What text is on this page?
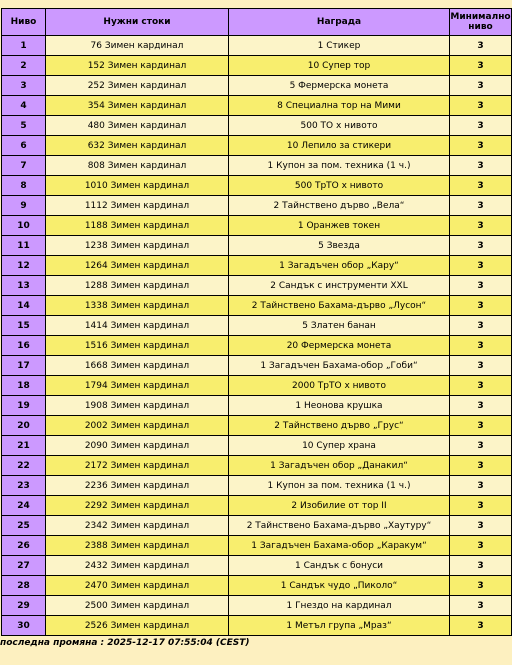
Ниво	Нужни стоки	Награда	Минимално
ниво
1	76 Зимен кардинал	1 Стикер	3
2	152 Зимен кардинал	10 Супер тор	3
3	252 Зимен кардинал	5 Фермерска монета	3
4	354 Зимен кардинал	8 Специална тор на Мими	3
5	480 Зимен кардинал	500 ТО х нивото	3
6	632 Зимен кардинал	10 Лепило за стикери	3
7	808 Зимен кардинал	1 Купон за пом. техника (1 ч.)	3
8	1010 Зимен кардинал	500 ТрТО х нивото	3
9	1112 Зимен кардинал	2 Тайнствено дърво „Вела“	3
10	1188 Зимен кардинал	1 Оранжев токен	3
11	1238 Зимен кардинал	5 Звезда	3
12	1264 Зимен кардинал	1 Загадъчен обор „Кару“	3
13	1288 Зимен кардинал	2 Сандък с инструменти XXL	3
14	1338 Зимен кардинал	2 Тайнствено Бахама-дърво „Лусон“	3
15	1414 Зимен кардинал	5 Златен банан	3
16	1516 Зимен кардинал	20 Фермерска монета	3
17	1668 Зимен кардинал	1 Загадъчен Бахама-обор „Гоби“	3
18	1794 Зимен кардинал	2000 ТрТО х нивото	3
19	1908 Зимен кардинал	1 Неонова крушка	3
20	2002 Зимен кардинал	2 Тайнствено дърво „Грус“	3
21	2090 Зимен кардинал	10 Супер храна	3
22	2172 Зимен кардинал	1 Загадъчен обор „Данакил“	3
23	2236 Зимен кардинал	1 Купон за пом. техника (1 ч.)	3
24	2292 Зимен кардинал	2 Изобилие от тор II	3
25	2342 Зимен кардинал	2 Тайнствено Бахама-дърво „Хаутуру“	3
26	2388 Зимен кардинал	1 Загадъчен Бахама-обор „Каракум“	3
27	2432 Зимен кардинал	1 Сандък с бонуси	3
28	2470 Зимен кардинал	1 Сандък чудо „Пиколо“	3
29	2500 Зимен кардинал	1 Гнездо на кардинал	3
30	2526 Зимен кардинал	1 Метъл група „Мраз“	3
последна промяна : 2025-12-17 07:55:04 (CEST)
